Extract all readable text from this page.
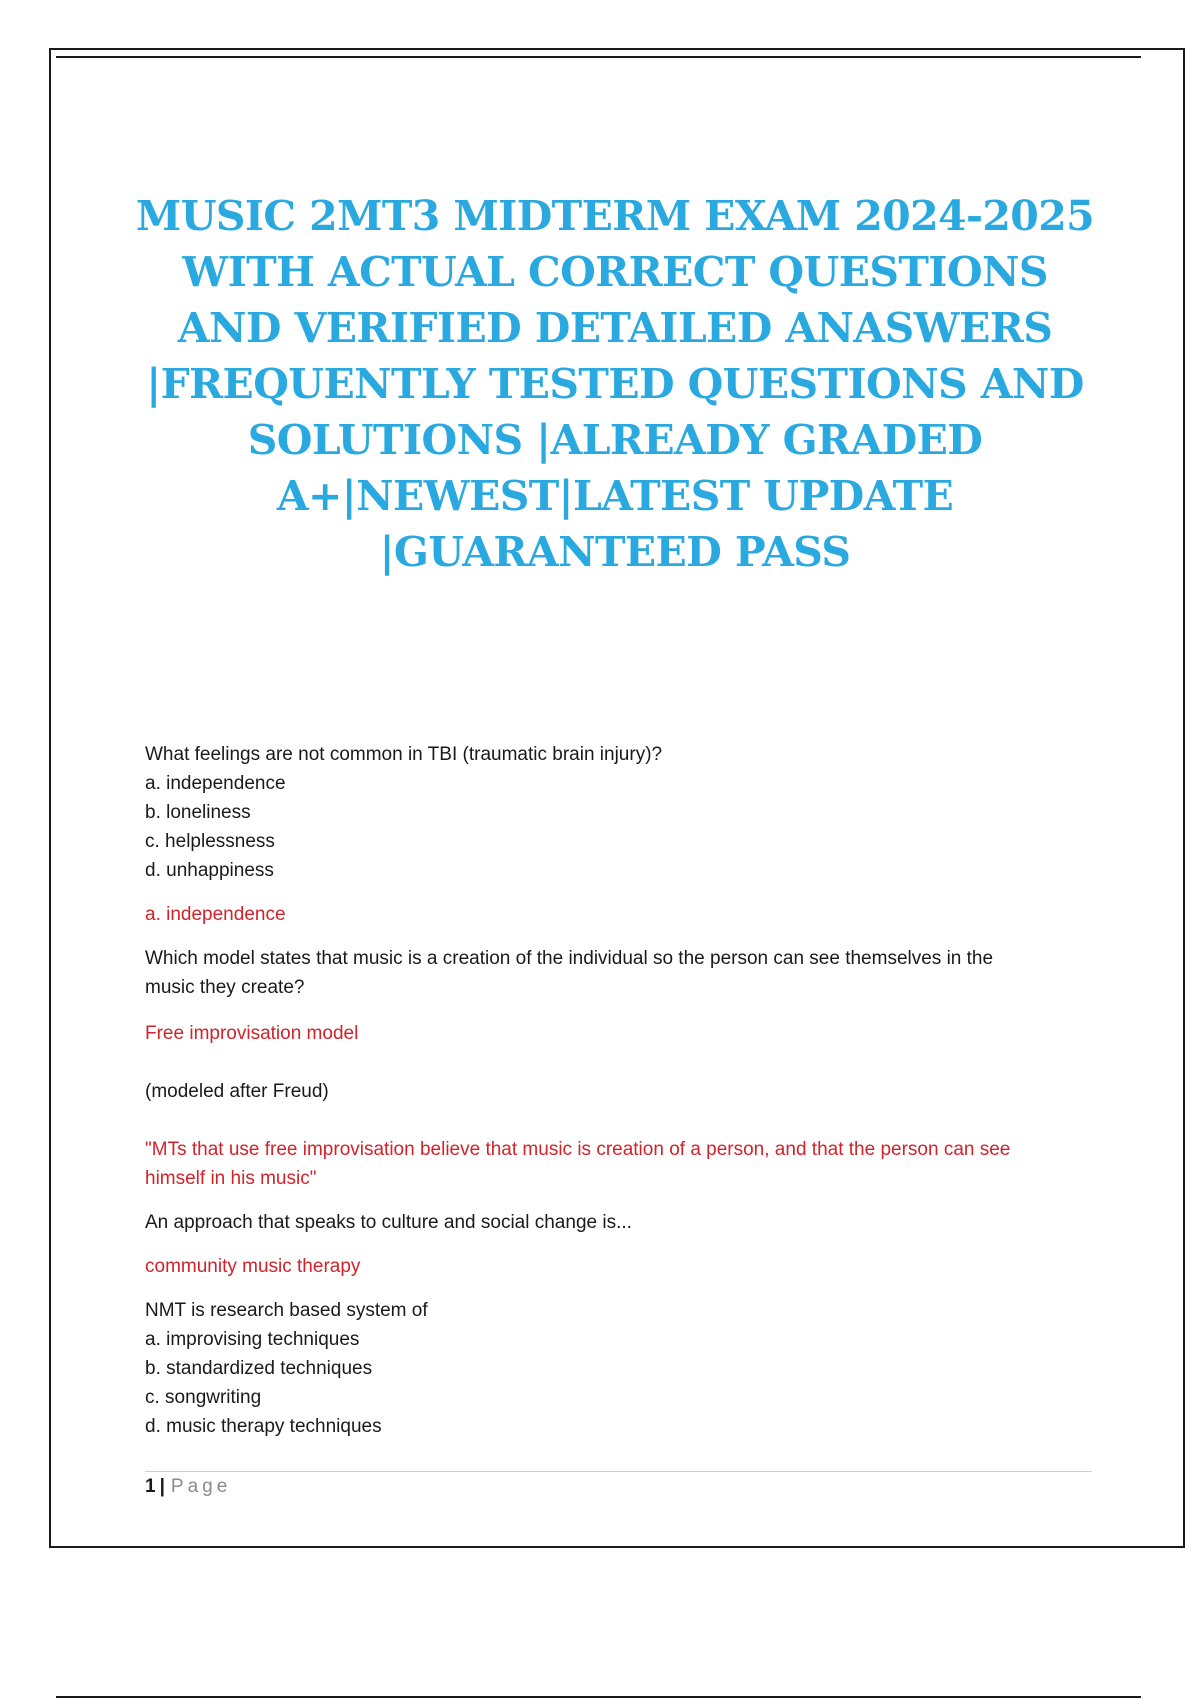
MUSIC 2MT3 MIDTERM EXAM 2024-2025
WITH ACTUAL CORRECT QUESTIONS
AND VERIFIED DETAILED ANASWERS
|FREQUENTLY TESTED QUESTIONS AND
SOLUTIONS |ALREADY GRADED
A+|NEWEST|LATEST UPDATE
|GUARANTEED PASS

What feelings are not common in TBI (traumatic brain injury)?

a. independence

b. loneliness

c. helplessness

d. unhappiness

a. independence

Which model states that music is a creation of the individual so the person can see themselves in the
music they create?

Free improvisation model

(modeled after Freud)

"MTs that use free improvisation believe that music is creation of a person, and that the person can see
himself in his music"

An approach that speaks to culture and social change is...

community music therapy

NMT is research based system of

a. improvising techniques

b. standardized techniques

c. songwriting

d. music therapy techniques

1 | Page
